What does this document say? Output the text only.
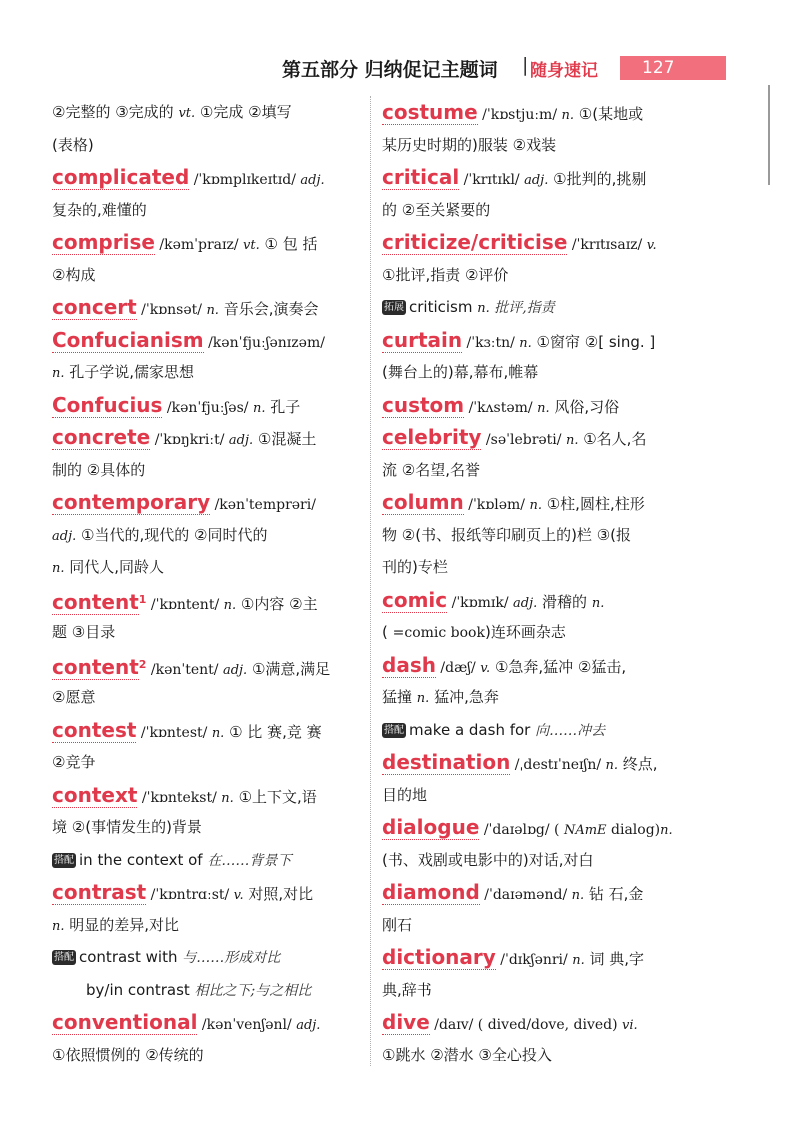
第五部分 归纳促记主题词 | 随身速记	127
②完整的 ③完成的 vt. ①完成 ②填写
(表格)
complicated /ˈkɒmplɪkeɪtɪd/ adj.
复杂的,难懂的
comprise /kəmˈpraɪz/ vt. ① 包 括
②构成
concert /ˈkɒnsət/ n. 音乐会,演奏会
Confucianism /kənˈfjuːʃənɪzəm/
n. 孔子学说,儒家思想
Confucius /kənˈfjuːʃəs/ n. 孔子
concrete /ˈkɒŋkriːt/ adj. ①混凝土
制的 ②具体的
contemporary /kənˈtemprəri/
adj. ①当代的,现代的 ②同时代的
n. 同代人,同龄人
content$^1$ /ˈkɒntent/ n. ①内容 ②主
题 ③目录
content$^2$ /kənˈtent/ adj. ①满意,满足
②愿意
contest /ˈkɒntest/ n. ① 比 赛,竞 赛
②竞争
context /ˈkɒntekst/ n. ①上下文,语
境 ②(事情发生的)背景
搭配 in the context of 在……背景下
contrast /ˈkɒntrɑːst/ v. 对照,对比
n. 明显的差异,对比
搭配 contrast with 与……形成对比
by/in contrast 相比之下;与之相比
conventional /kənˈvenʃənl/ adj.
①依照惯例的 ②传统的
costume /ˈkɒstjuːm/ n. ①(某地或
某历史时期的)服装 ②戏装
critical /ˈkrɪtɪkl/ adj. ①批判的,挑剔
的 ②至关紧要的
criticize/criticise /ˈkrɪtɪsaɪz/ v.
①批评,指责 ②评价
拓展 criticism n. 批评,指责
curtain /ˈkɜːtn/ n. ①窗帘 ②[ sing. ]
(舞台上的)幕,幕布,帷幕
custom /ˈkʌstəm/ n. 风俗,习俗
celebrity /səˈlebrəti/ n. ①名人,名
流 ②名望,名誉
column /ˈkɒləm/ n. ①柱,圆柱,柱形
物 ②(书、报纸等印刷页上的)栏 ③(报
刊的)专栏
comic /ˈkɒmɪk/ adj. 滑稽的 n.
( =comic book)连环画杂志
dash /dæʃ/ v. ①急奔,猛冲 ②猛击,
猛撞 n. 猛冲,急奔
搭配 make a dash for 向……冲去
destination /ˌdestɪˈneɪʃn/ n. 终点,
目的地
dialogue /ˈdaɪəlɒg/ ( NAmE dialog)n.
(书、戏剧或电影中的)对话,对白
diamond /ˈdaɪəmənd/ n. 钻 石,金
刚石
dictionary /ˈdɪkʃənri/ n. 词 典,字
典,辞书
dive /daɪv/ ( dived/dove, dived) vi.
①跳水 ②潜水 ③全心投入
